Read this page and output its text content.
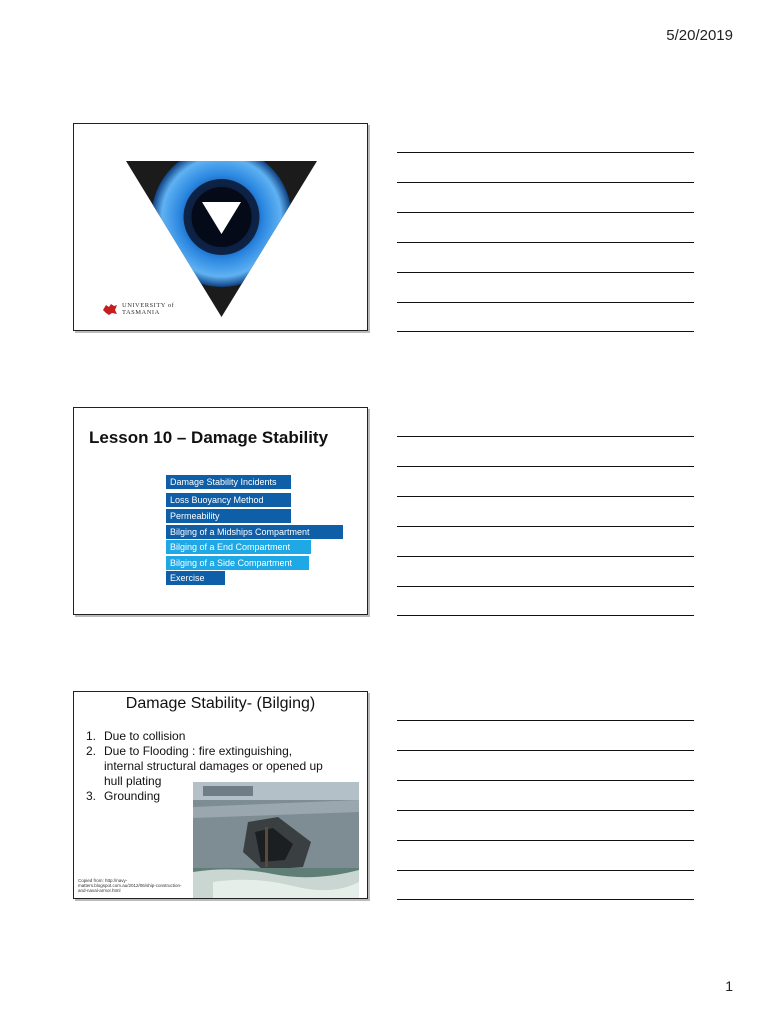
5/20/2019
UNIVERSITY of
TASMANIA
Lesson 10 – Damage Stability
Damage Stability Incidents
Loss Buoyancy Method
Permeability
Bilging of a Midships Compartment
Bilging of a End Compartment
Bilging of a Side Compartment
Exercise
Damage Stability- (Bilging)
1. Due to collision
2. Due to Flooding : fire extinguishing, internal structural damages or opened up hull plating
3. Grounding
Copied from: http://navy-matters.blogspot.com.au/2012/06/ship-construction-and-naval-armor.html
1
